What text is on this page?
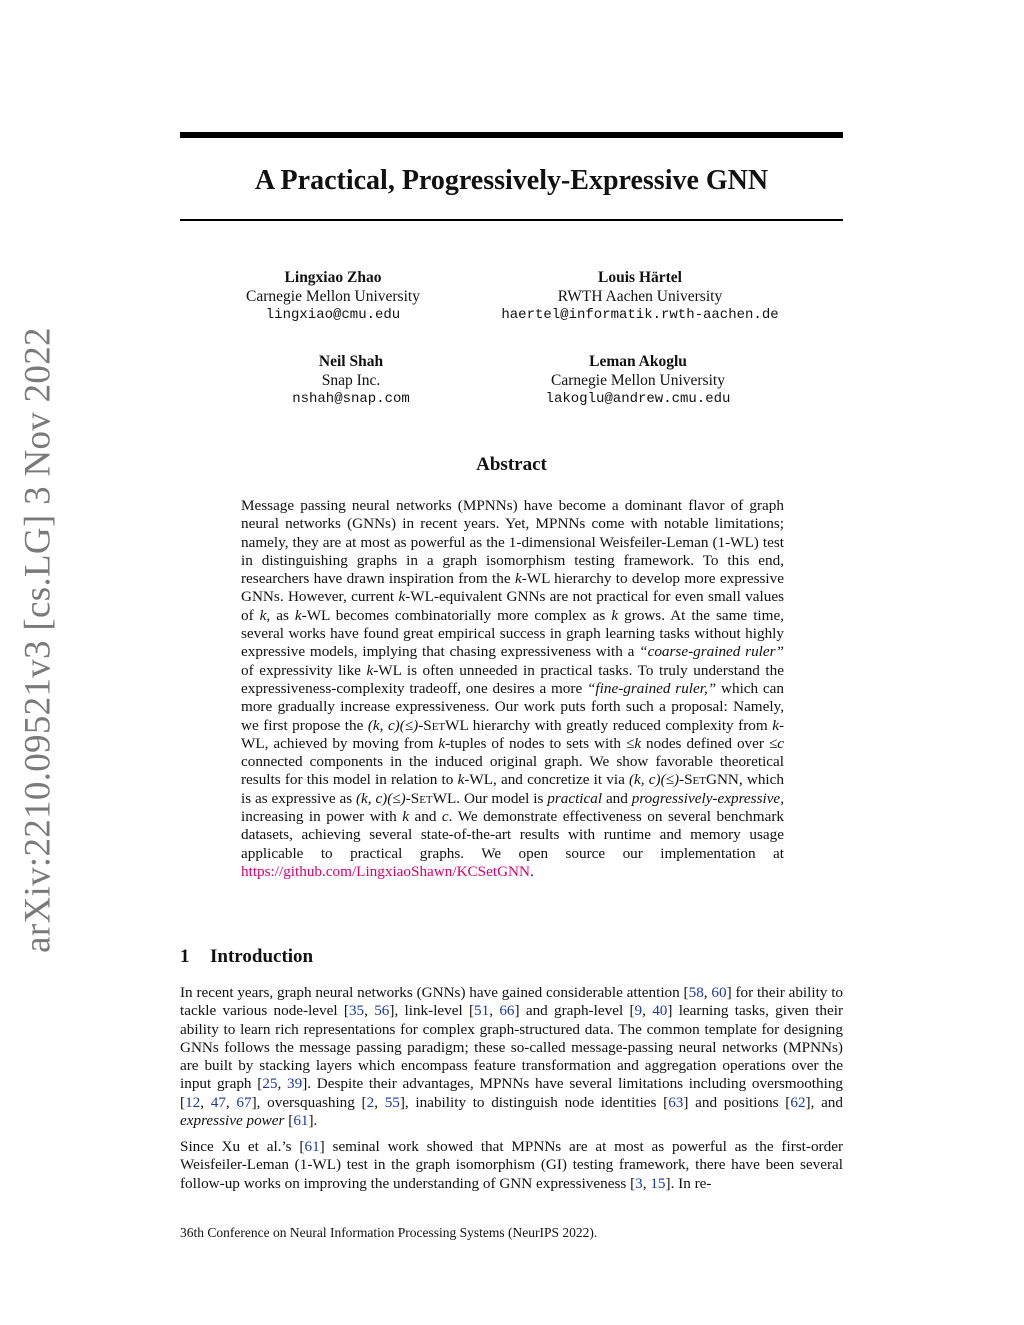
arXiv:2210.09521v3 [cs.LG] 3 Nov 2022
A Practical, Progressively-Expressive GNN
Lingxiao Zhao
Carnegie Mellon University
lingxiao@cmu.edu
Louis Härtel
RWTH Aachen University
haertel@informatik.rwth-aachen.de
Neil Shah
Snap Inc.
nshah@snap.com
Leman Akoglu
Carnegie Mellon University
lakoglu@andrew.cmu.edu
Abstract

Message passing neural networks (MPNNs) have become a dominant flavor of graph neural networks (GNNs) in recent years. Yet, MPNNs come with notable limitations; namely, they are at most as powerful as the 1-dimensional Weisfeiler-Leman (1-WL) test in distinguishing graphs in a graph isomorphism testing framework. To this end, researchers have drawn inspiration from the k-WL hierarchy to develop more expressive GNNs. However, current k-WL-equivalent GNNs are not practical for even small values of k, as k-WL becomes combinatorially more complex as k grows. At the same time, several works have found great empirical success in graph learning tasks without highly expressive models, implying that chasing expressiveness with a “coarse-grained ruler” of expressivity like k-WL is often unneeded in practical tasks. To truly understand the expressiveness-complexity tradeoff, one desires a more “fine-grained ruler,” which can more gradually increase expressiveness. Our work puts forth such a proposal: Namely, we first propose the (k, c)(≤)-SetWL hierarchy with greatly reduced complexity from k-WL, achieved by moving from k-tuples of nodes to sets with ≤k nodes defined over ≤c connected components in the induced original graph. We show favorable theoretical results for this model in relation to k-WL, and concretize it via (k, c)(≤)-SetGNN, which is as expressive as (k, c)(≤)-SetWL. Our model is practical and progressively-expressive, increasing in power with k and c. We demonstrate effectiveness on several benchmark datasets, achieving several state-of-the-art results with runtime and memory usage applicable to practical graphs. We open source our implementation at https://github.com/LingxiaoShawn/KCSetGNN.

1 Introduction

In recent years, graph neural networks (GNNs) have gained considerable attention [58, 60] for their ability to tackle various node-level [35, 56], link-level [51, 66] and graph-level [9, 40] learning tasks, given their ability to learn rich representations for complex graph-structured data. The common template for designing GNNs follows the message passing paradigm; these so-called message-passing neural networks (MPNNs) are built by stacking layers which encompass feature transformation and aggregation operations over the input graph [25, 39]. Despite their advantages, MPNNs have several limitations including oversmoothing [12, 47, 67], oversquashing [2, 55], inability to distinguish node identities [63] and positions [62], and expressive power [61].

Since Xu et al.’s [61] seminal work showed that MPNNs are at most as powerful as the first-order Weisfeiler-Leman (1-WL) test in the graph isomorphism (GI) testing framework, there have been several follow-up works on improving the understanding of GNN expressiveness [3, 15]. In re-

36th Conference on Neural Information Processing Systems (NeurIPS 2022).
